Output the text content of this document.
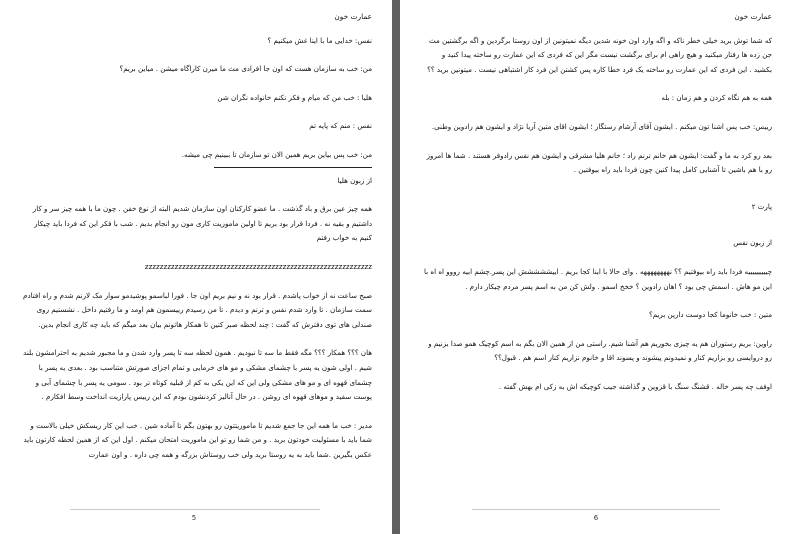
عمارت خون

نفس: خدایی ما با اینا غش میکنیم ؟

من: خب به سازمان هست که اون جا افرادی مث ما میرن کاراگاه میشن . میاین بریم؟

هلیا : خب من که میام و فکر نکنم خانواده نگران شن

نفس : منم که پایه تم

من: خب پس بیاین بریم همین الان تو سازمان تا ببینیم چی میشه.

از زبون هلیا

همه چیز عین برق و باد گذشت . ما عضو کارکنان اون سازمان شدیم البته از نوع خفن . چون ما با همه چیز سر و کار داشتیم و بقیه نه . فردا قرار بود بریم تا اولین ماموریت کاری مون رو انجام بدیم . شب با فکر این که فردا باید چیکار کنیم به خواب رفتم

zzzzzzzzzzzzzzzzzzzzzzzzzzzzzzzzzzzzzzzzzzzzzzzzzzzzzzzzzzzzz

صبح ساعت نه از خواب پاشدم . قرار بود نه و نیم بریم اون جا . فورا لباسمو پوشیدمو سوار مک لارنم شدم و راه افتادم سمت سازمان . تا وارد شدم نفس و ترنم و دیدم . تا من رسیدم رییسمون هم اومد و ما رفتیم داخل . نشستیم روی صندلی های توی دفترش که گفت : چند لحظه صبر کنین تا همکار هاتونم بیان بعد میگم که باید چه کاری انجام بدین.

هان ؟؟؟ همکار ؟؟؟ مگه فقط ما سه تا نبودیم . همون لحظه سه تا پسر وارد شدن و ما مجبور شدیم به احترامشون بلند شیم . اولی شون یه پسر با چشمای مشکی و مو های خرمایی و تمام اجزای صورتش متناسب بود . بعدی یه پسر با چشمای قهوه ای و مو های مشکی ولی این که این یکی به کم از قبلیه کوتاه تر بود . سومی یه پسر با چشمای آبی و پوست سفید و موهای قهوه ای روشن . در حال آنالیز کردنشون بودم که این رییس پارازیت انداخت وسط افکارم .

مدیر : خب ما همه این جا جمع شدیم تا ماموریتتون رو بهتون بگم تا آماده شین . خب این کار ریسکش خیلی بالاست و شما باید با مسئولیت خودتون برید . و من شما رو تو این ماموریت امتحان میکنم . اول این که از همین لحظه کارتون باید عکس بگیرین .شما باید به یه روستا برید ولی خب روستاش بزرگه و همه چی داره . و اون عمارت

5

عمارت خون

که شما توش برید خیلی خطر ناکه و اگه وارد اون خونه شدین دیگه نمیتونین از اون روستا برگردین و اگه برگشتین مث جن زده ها رفتار میکنید و هیچ راهی ام برای برگشت نیست مگر این که فردی که این عمارت رو ساخته پیدا کنید و بکشید . این فردی که این عمارت رو ساخته یک فرد خطا کاره پس کشتن این فرد کار اشتباهی نیست . میتونین برید ؟؟

همه به هم نگاه کردن و هم زمان : بله

رییس: خب پس اشنا تون میکنم . ایشون آقای آرشام رستگار ؛ ایشون اقای متین آریا نژاد و ایشون هم رادوین وطنی.

بعد رو کرد به ما و گفت: ایشون هم خانم ترنم راد ؛ خانم هلیا مشرقی و ایشون هم نفس رادوفر هستند . شما ها امروز رو با هم باشین تا آشنایی کامل پیدا کنین چون فردا باید راه بیوفتین .

پارت ۲

از زبون نفس

چیییییییییه فردا باید راه بیوفتیم ؟؟ نههههههههه . وای حالا با اینا کجا بریم . اییششششش این پسر.چشم ابیه رووو اه اه با این مو هاش . اسمش چی بود ؟ اهان رادوین ؟ خخخ اسمو . ولش کن من به اسم پسر مردم چیکار دارم .

متین : خب خانوما کجا دوست دارین بریم؟

راوین: بریم رستوران هم یه چیزی بخوریم هم آشنا شیم. راستی من از همین الان بگم به اسم کوچیک همو صدا بزنیم و رو دروایسی رو بزاریم کنار و نمیدونم پیشوند و پسوند اقا و خانوم نزاریم کنار اسم هم . قبول؟؟

اوفف چه پسر خاله . قشنگ سنگ با قزوین و گذاشته جیب کوچیکه اش به زکی ام بهش گفته .

6
